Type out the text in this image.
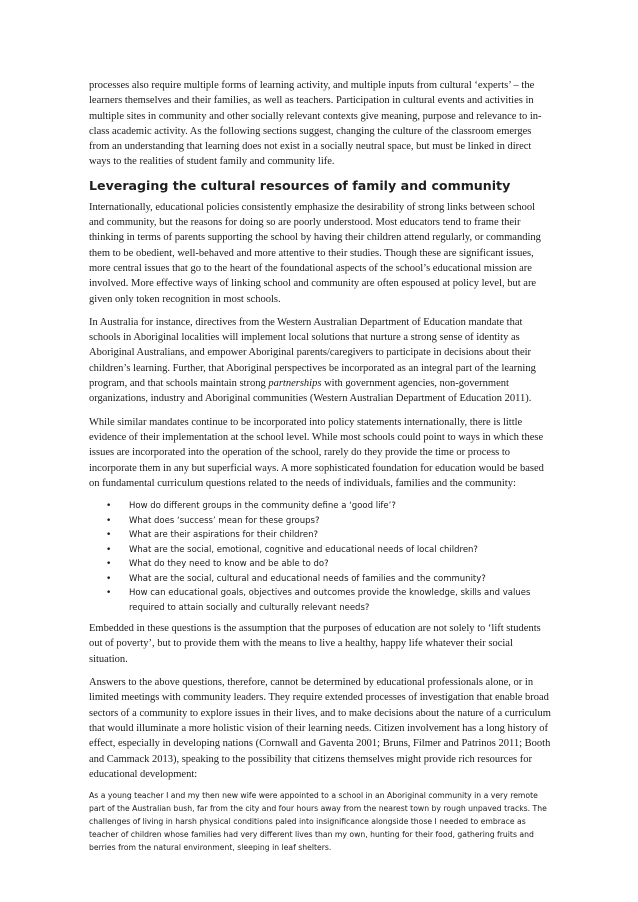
processes also require multiple forms of learning activity, and multiple inputs from cultural ‘experts’ – the learners themselves and their families, as well as teachers. Participation in cultural events and activities in multiple sites in community and other socially relevant contexts give meaning, purpose and relevance to in-class academic activity. As the following sections suggest, changing the culture of the classroom emerges from an understanding that learning does not exist in a socially neutral space, but must be linked in direct ways to the realities of student family and community life.

Leveraging the cultural resources of family and community

Internationally, educational policies consistently emphasize the desirability of strong links between school and community, but the reasons for doing so are poorly understood. Most educators tend to frame their thinking in terms of parents supporting the school by having their children attend regularly, or commanding them to be obedient, well-behaved and more attentive to their studies. Though these are significant issues, more central issues that go to the heart of the foundational aspects of the school’s educational mission are involved. More effective ways of linking school and community are often espoused at policy level, but are given only token recognition in most schools.

In Australia for instance, directives from the Western Australian Department of Education mandate that schools in Aboriginal localities will implement local solutions that nurture a strong sense of identity as Aboriginal Australians, and empower Aboriginal parents/caregivers to participate in decisions about their children’s learning. Further, that Aboriginal perspectives be incorporated as an integral part of the learning program, and that schools maintain strong partnerships with government agencies, non-government organizations, industry and Aboriginal communities (Western Australian Department of Education 2011).

While similar mandates continue to be incorporated into policy statements internationally, there is little evidence of their implementation at the school level. While most schools could point to ways in which these issues are incorporated into the operation of the school, rarely do they provide the time or process to incorporate them in any but superficial ways. A more sophisticated foundation for education would be based on fundamental curriculum questions related to the needs of individuals, families and the community:

• How do different groups in the community define a ‘good life’?
• What does ‘success’ mean for these groups?
• What are their aspirations for their children?
• What are the social, emotional, cognitive and educational needs of local children?
• What do they need to know and be able to do?
• What are the social, cultural and educational needs of families and the community?
• How can educational goals, objectives and outcomes provide the knowledge, skills and values required to attain socially and culturally relevant needs?

Embedded in these questions is the assumption that the purposes of education are not solely to ‘lift students out of poverty’, but to provide them with the means to live a healthy, happy life whatever their social situation.

Answers to the above questions, therefore, cannot be determined by educational professionals alone, or in limited meetings with community leaders. They require extended processes of investigation that enable broad sectors of a community to explore issues in their lives, and to make decisions about the nature of a curriculum that would illuminate a more holistic vision of their learning needs. Citizen involvement has a long history of effect, especially in developing nations (Cornwall and Gaventa 2001; Bruns, Filmer and Patrinos 2011; Booth and Cammack 2013), speaking to the possibility that citizens themselves might provide rich resources for educational development:

As a young teacher I and my then new wife were appointed to a school in an Aboriginal community in a very remote part of the Australian bush, far from the city and four hours away from the nearest town by rough unpaved tracks. The challenges of living in harsh physical conditions paled into insignificance alongside those I needed to embrace as teacher of children whose families had very different lives than my own, hunting for their food, gathering fruits and berries from the natural environment, sleeping in leaf shelters.
